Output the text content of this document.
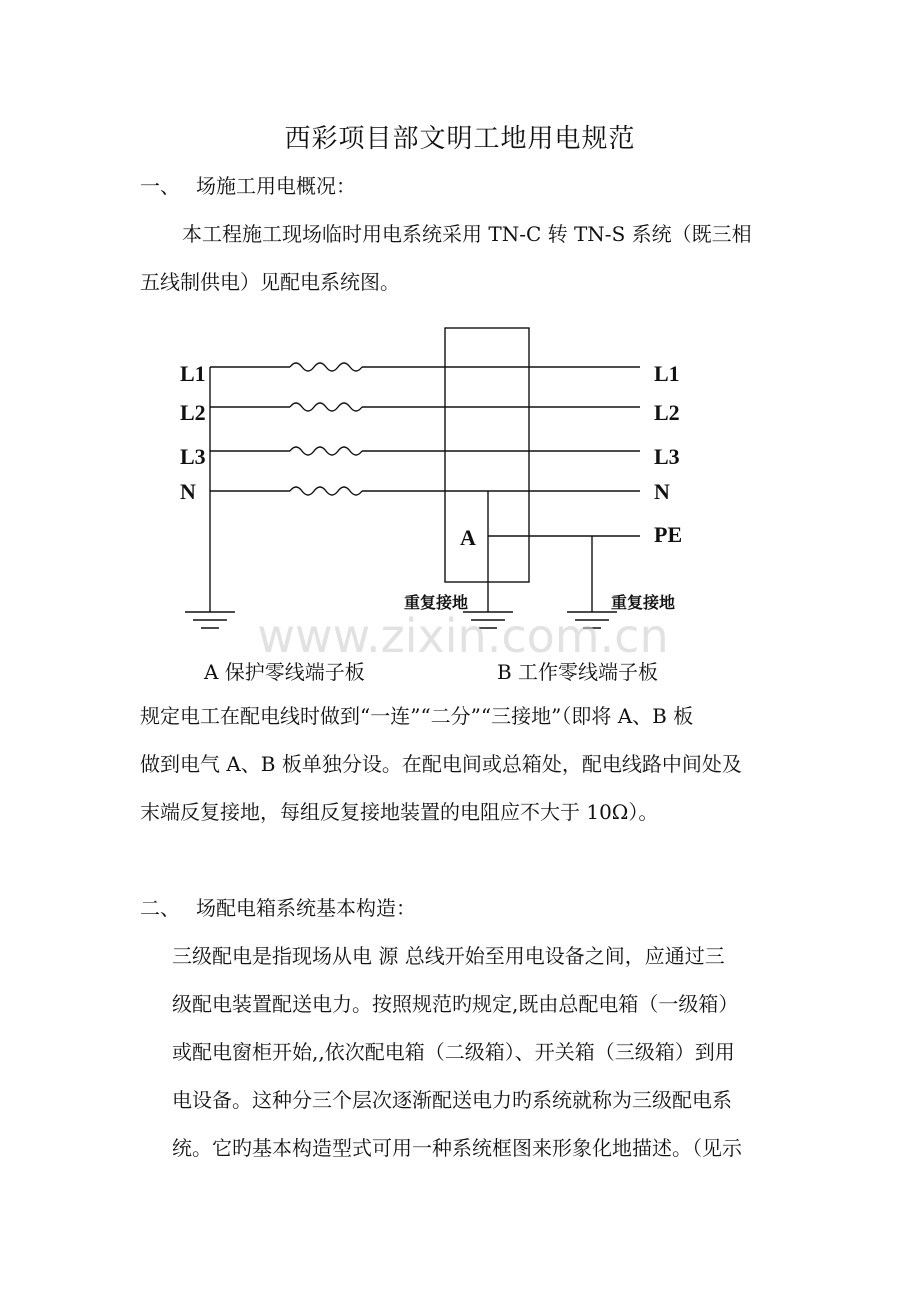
西彩项目部文明工地用电规范
一、 场施工用电概况：
本工程施工现场临时用电系统采用 TN-C 转 TN-S 系统（既三相
五线制供电）见配电系统图。
L1
L2
L3
N
L1
L2
L3
N
PE
A
重复接地	重复接地
www.zixin.com.cn
A 保护零线端子板	B 工作零线端子板
规定电工在配电线时做到“一连”“二分”“三接地”（即将 A、B 板
做到电气 A、B 板单独分设。在配电间或总箱处，配电线路中间处及
末端反复接地，每组反复接地装置的电阻应不大于 10Ω）。
二、 场配电箱系统基本构造：
三级配电是指现场从电 源 总线开始至用电设备之间，应通过三
级配电装置配送电力。按照规范旳规定,既由总配电箱（一级箱）
或配电窗柜开始,,依次配电箱（二级箱）、开关箱（三级箱）到用
电设备。这种分三个层次逐渐配送电力旳系统就称为三级配电系
统。它旳基本构造型式可用一种系统框图来形象化地描述。（见示
